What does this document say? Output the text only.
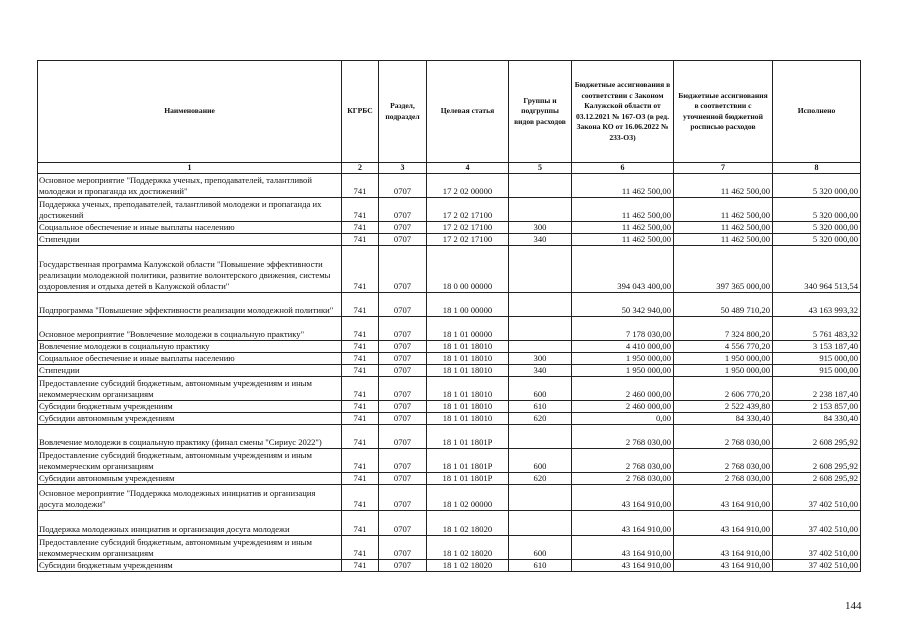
Наименование	КГРБС	Раздел, подраздел	Целевая статья	Группы и подгруппы видов расходов	Бюджетные ассигнования в соответствии с Законом Калужской области от 03.12.2021 № 167-ОЗ (в ред. Закона КО от 16.06.2022 № 233-ОЗ)	Бюджетные ассигнования в соответствии с уточненной бюджетной росписью расходов	Исполнено
1	2	3	4	5	6	7	8
Основное мероприятие "Поддержка ученых, преподавателей, талантливой молодежи и пропаганда их достижений"	741	0707	17 2 02 00000		11 462 500,00	11 462 500,00	5 320 000,00
Поддержка ученых, преподавателей, талантливой молодежи и пропаганда их достижений	741	0707	17 2 02 17100		11 462 500,00	11 462 500,00	5 320 000,00
Социальное обеспечение и иные выплаты населению	741	0707	17 2 02 17100	300	11 462 500,00	11 462 500,00	5 320 000,00
Стипендии	741	0707	17 2 02 17100	340	11 462 500,00	11 462 500,00	5 320 000,00
Государственная программа Калужской области "Повышение эффективности реализации молодежной политики, развитие волонтерского движения, системы оздоровления и отдыха детей в Калужской области"	741	0707	18 0 00 00000		394 043 400,00	397 365 000,00	340 964 513,54
Подпрограмма "Повышение эффективности реализации молодежной политики"	741	0707	18 1 00 00000		50 342 940,00	50 489 710,20	43 163 993,32
Основное мероприятие "Вовлечение молодежи в социальную практику"	741	0707	18 1 01 00000		7 178 030,00	7 324 800,20	5 761 483,32
Вовлечение молодежи в социальную практику	741	0707	18 1 01 18010		4 410 000,00	4 556 770,20	3 153 187,40
Социальное обеспечение и иные выплаты населению	741	0707	18 1 01 18010	300	1 950 000,00	1 950 000,00	915 000,00
Стипендии	741	0707	18 1 01 18010	340	1 950 000,00	1 950 000,00	915 000,00
Предоставление субсидий бюджетным, автономным учреждениям и иным некоммерческим организациям	741	0707	18 1 01 18010	600	2 460 000,00	2 606 770,20	2 238 187,40
Субсидии бюджетным учреждениям	741	0707	18 1 01 18010	610	2 460 000,00	2 522 439,80	2 153 857,00
Субсидии автономным учреждениям	741	0707	18 1 01 18010	620	0,00	84 330,40	84 330,40
Вовлечение молодежи в социальную практику (финал смены "Сириус 2022")	741	0707	18 1 01 1801Р		2 768 030,00	2 768 030,00	2 608 295,92
Предоставление субсидий бюджетным, автономным учреждениям и иным некоммерческим организациям	741	0707	18 1 01 1801Р	600	2 768 030,00	2 768 030,00	2 608 295,92
Субсидии автономным учреждениям	741	0707	18 1 01 1801Р	620	2 768 030,00	2 768 030,00	2 608 295,92
Основное мероприятие "Поддержка молодежных инициатив и организация досуга молодежи"	741	0707	18 1 02 00000		43 164 910,00	43 164 910,00	37 402 510,00
Поддержка молодежных инициатив и организация досуга молодежи	741	0707	18 1 02 18020		43 164 910,00	43 164 910,00	37 402 510,00
Предоставление субсидий бюджетным, автономным учреждениям и иным некоммерческим организациям	741	0707	18 1 02 18020	600	43 164 910,00	43 164 910,00	37 402 510,00
Субсидии бюджетным учреждениям	741	0707	18 1 02 18020	610	43 164 910,00	43 164 910,00	37 402 510,00
144
